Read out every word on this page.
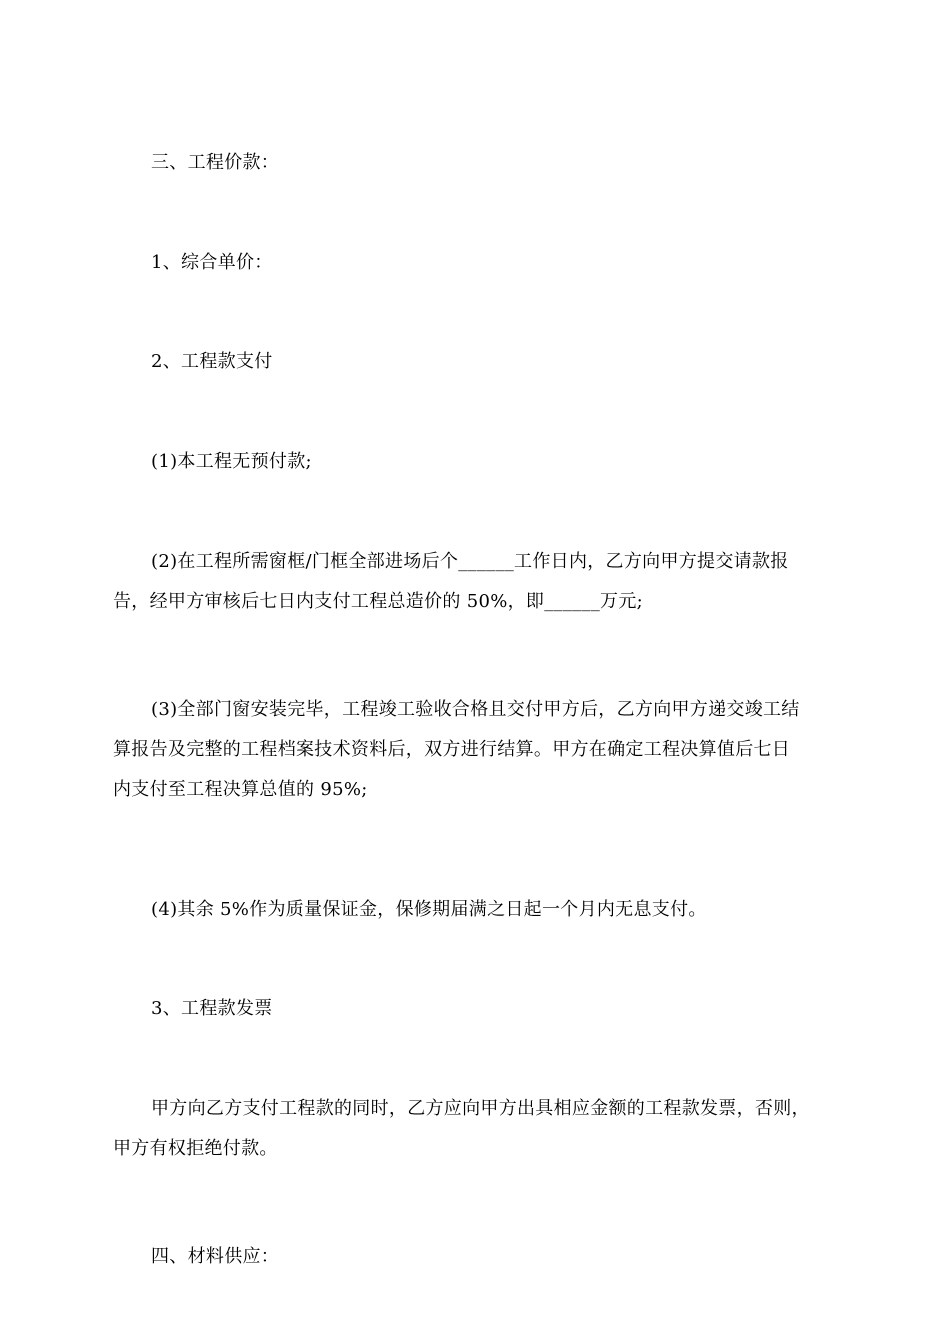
三、工程价款：

1、综合单价：

2、工程款支付

(1)本工程无预付款;

(2)在工程所需窗框/门框全部进场后个______工作日内，乙方向甲方提交请款报
告，经甲方审核后七日内支付工程总造价的 50%，即______万元;

(3)全部门窗安装完毕，工程竣工验收合格且交付甲方后，乙方向甲方递交竣工结
算报告及完整的工程档案技术资料后，双方进行结算。甲方在确定工程决算值后七日
内支付至工程决算总值的 95%;

(4)其余 5%作为质量保证金，保修期届满之日起一个月内无息支付。

3、工程款发票

甲方向乙方支付工程款的同时，乙方应向甲方出具相应金额的工程款发票，否则，
甲方有权拒绝付款。

四、材料供应：
